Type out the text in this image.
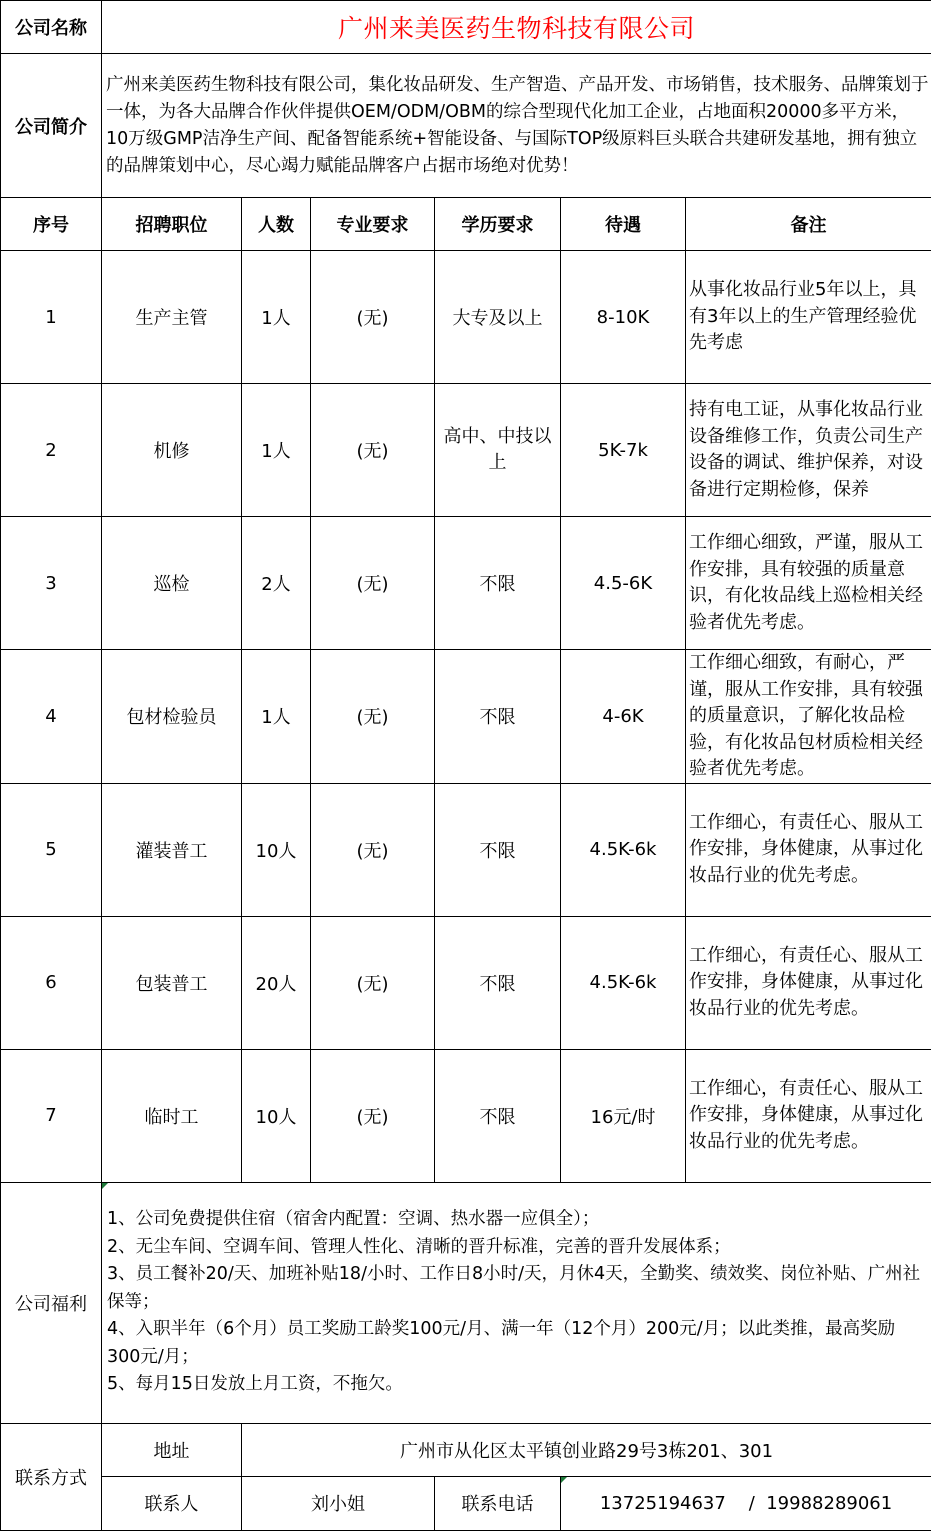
公司名称	广州来美医药生物科技有限公司					
公司简介	广州来美医药生物科技有限公司，集化妆品研发、生产智造、产品开发、市场销售，技术服务、品牌策划于一体，为各大品牌合作伙伴提供OEM/ODM/OBM的综合型现代化加工企业，占地面积20000多平方米，10万级GMP洁净生产间、配备智能系统+智能设备、与国际TOP级原料巨头联合共建研发基地，拥有独立的品牌策划中心，尽心竭力赋能品牌客户占据市场绝对优势！					
序号	招聘职位	人数	专业要求	学历要求	待遇	备注
1	生产主管	1人	(无)	大专及以上	8-10K	从事化妆品行业5年以上，具有3年以上的生产管理经验优先考虑
2	机修	1人	(无)	高中、中技以上	5K-7k	持有电工证，从事化妆品行业设备维修工作，负责公司生产设备的调试、维护保养，对设备进行定期检修，保养
3	巡检	2人	(无)	不限	4.5-6K	工作细心细致，严谨，服从工作安排，具有较强的质量意识，有化妆品线上巡检相关经验者优先考虑。
4	包材检验员	1人	(无)	不限	4-6K	工作细心细致，有耐心，严谨，服从工作安排，具有较强的质量意识，了解化妆品检验，有化妆品包材质检相关经验者优先考虑。
5	灌装普工	10人	(无)	不限	4.5K-6k	工作细心，有责任心、服从工作安排，身体健康，从事过化妆品行业的优先考虑。
6	包装普工	20人	(无)	不限	4.5K-6k	工作细心，有责任心、服从工作安排，身体健康，从事过化妆品行业的优先考虑。
7	临时工	10人	(无)	不限	16元/时	工作细心，有责任心、服从工作安排，身体健康，从事过化妆品行业的优先考虑。
公司福利	1、公司免费提供住宿（宿舍内配置：空调、热水器一应俱全）；
2、无尘车间、空调车间、管理人性化、清晰的晋升标准，完善的晋升发展体系；
3、员工餐补20/天、加班补贴18/小时、工作日8小时/天，月休4天，全勤奖、绩效奖、岗位补贴、广州社保等；
4、入职半年（6个月）员工奖励工龄奖100元/月、满一年（12个月）200元/月；以此类推，最高奖励300元/月；
5、每月15日发放上月工资，不拖欠。					

联系方式	地址	广州市从化区太平镇创业路29号3栋201、301				
	联系人	刘小姐		联系电话	13725194637    /  19988289061	
